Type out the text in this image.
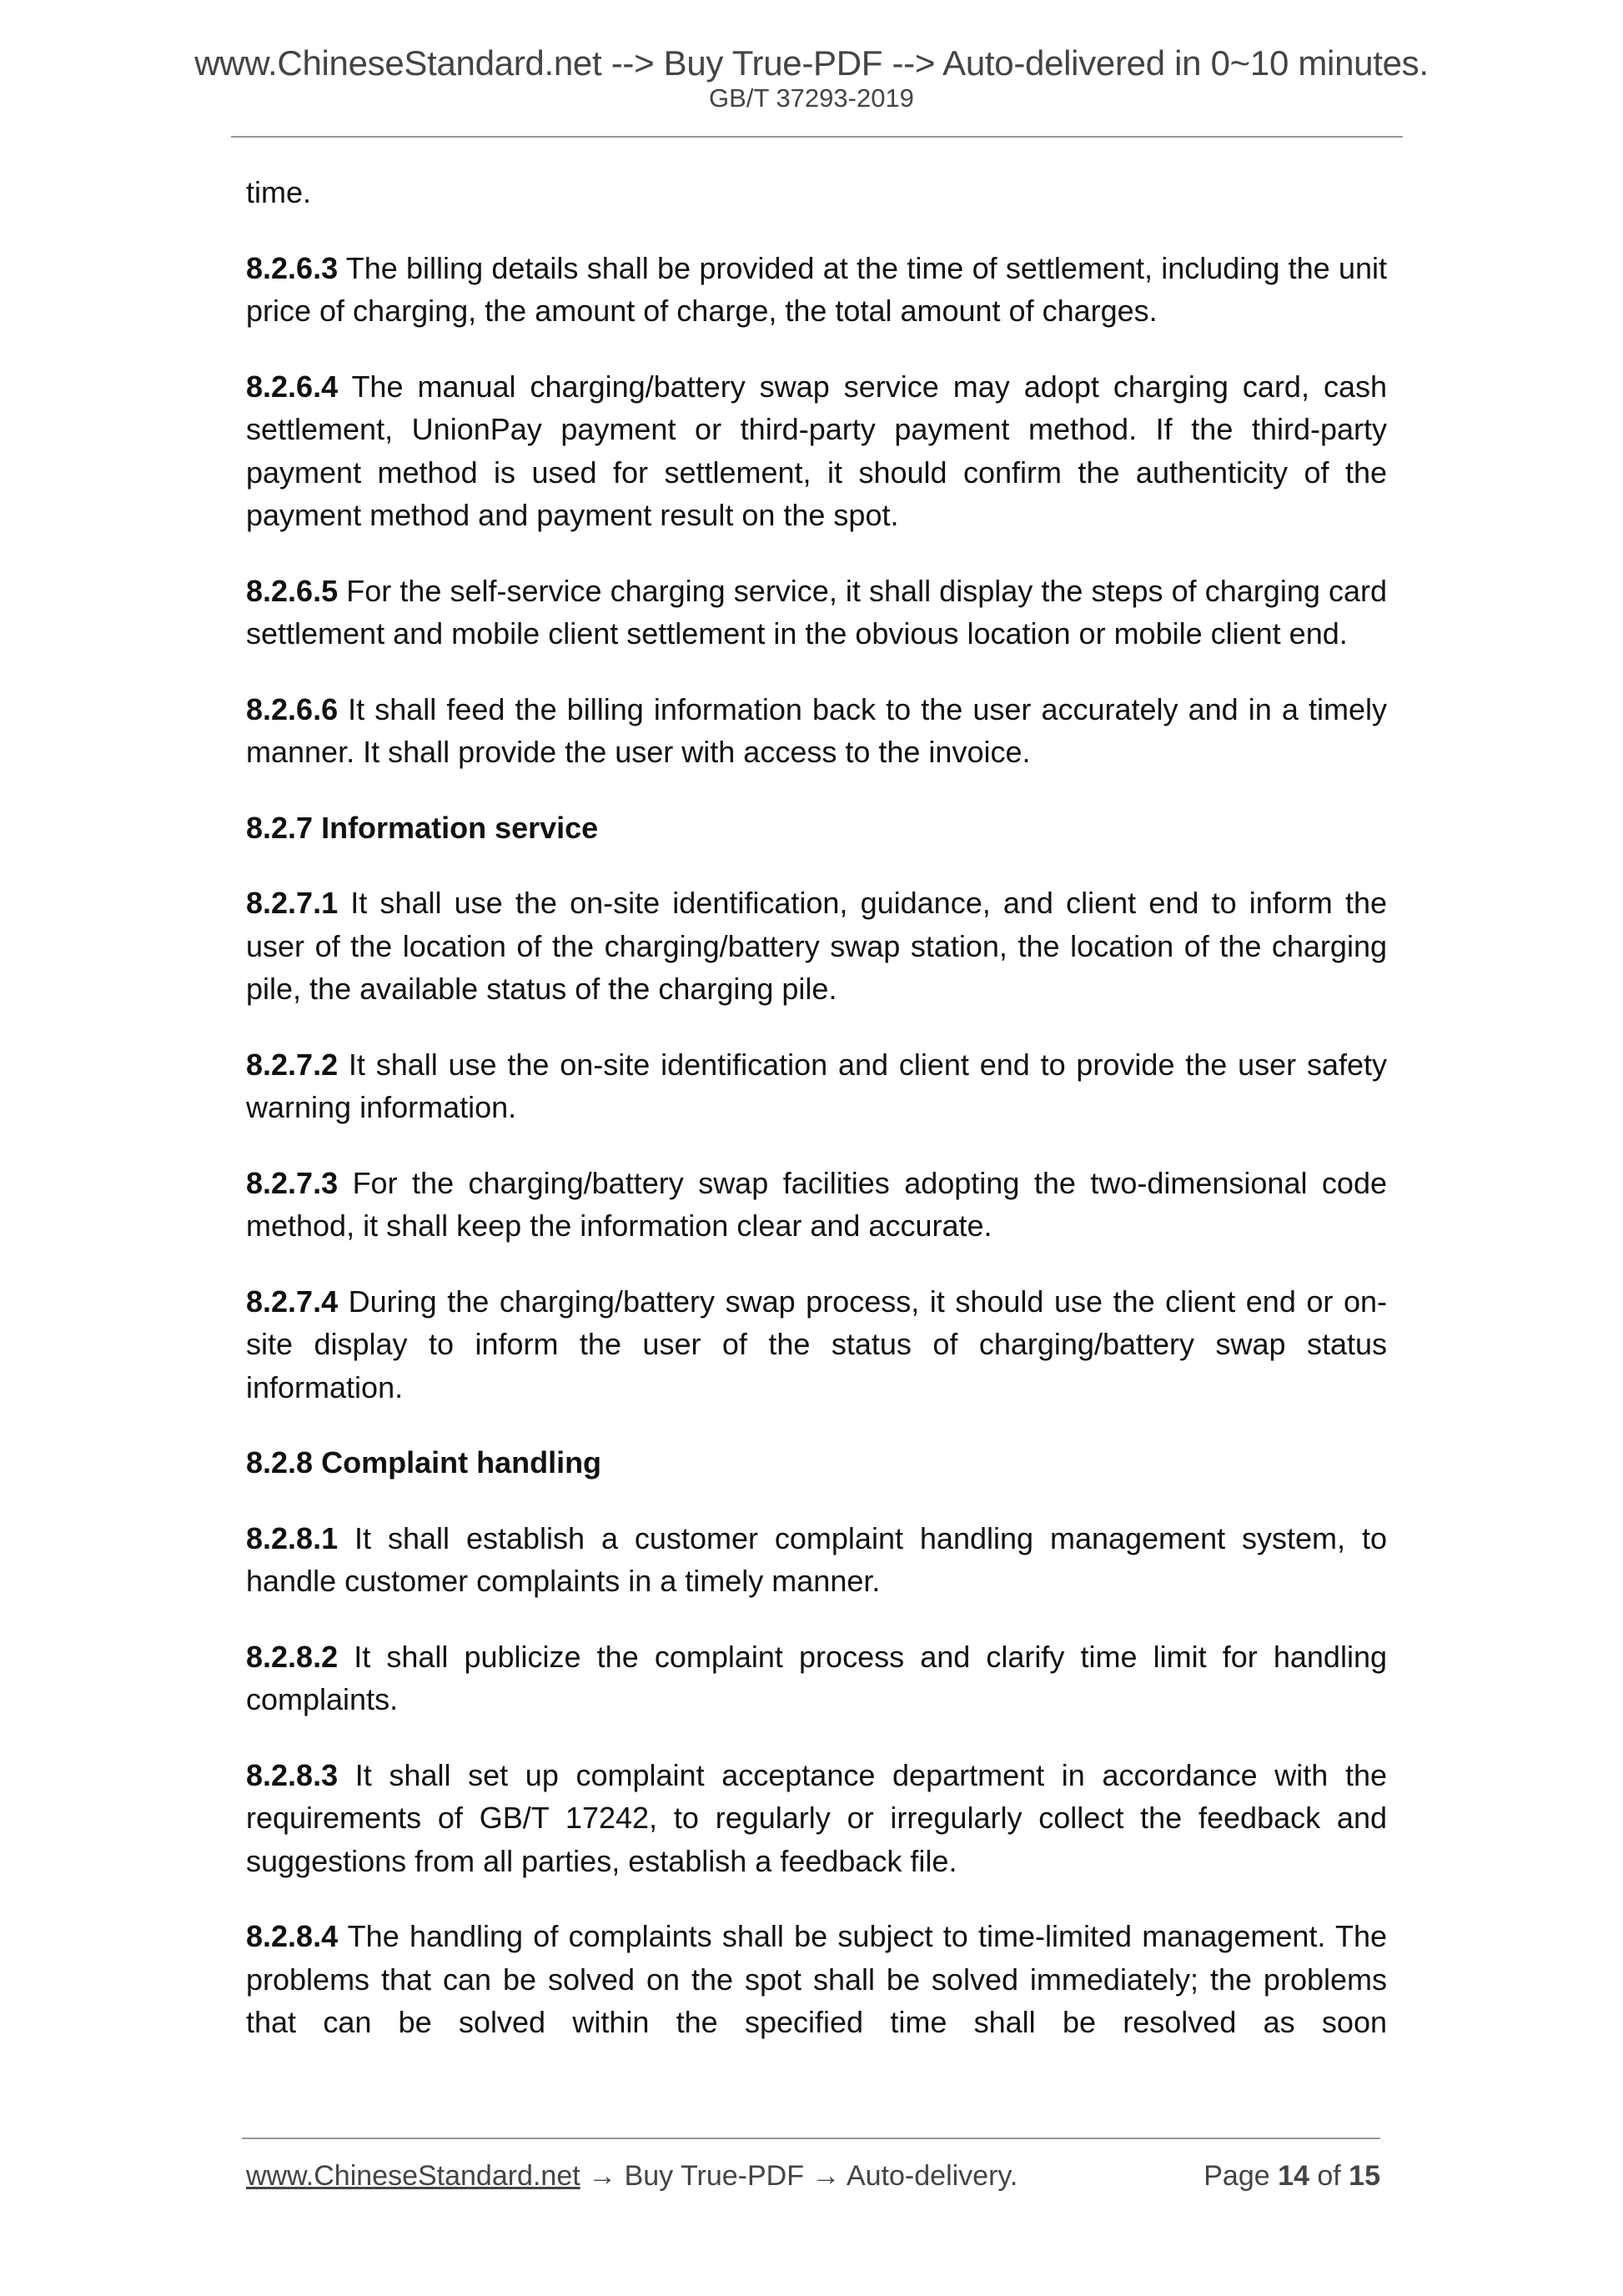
www.ChineseStandard.net --> Buy True-PDF --> Auto-delivered in 0~10 minutes.
GB/T 37293-2019

time.

8.2.6.3 The billing details shall be provided at the time of settlement, including the unit price of charging, the amount of charge, the total amount of charges.

8.2.6.4 The manual charging/battery swap service may adopt charging card, cash settlement, UnionPay payment or third-party payment method. If the third-party payment method is used for settlement, it should confirm the authenticity of the payment method and payment result on the spot.

8.2.6.5 For the self-service charging service, it shall display the steps of charging card settlement and mobile client settlement in the obvious location or mobile client end.

8.2.6.6 It shall feed the billing information back to the user accurately and in a timely manner. It shall provide the user with access to the invoice.

8.2.7 Information service

8.2.7.1 It shall use the on-site identification, guidance, and client end to inform the user of the location of the charging/battery swap station, the location of the charging pile, the available status of the charging pile.

8.2.7.2 It shall use the on-site identification and client end to provide the user safety warning information.

8.2.7.3 For the charging/battery swap facilities adopting the two-dimensional code method, it shall keep the information clear and accurate.

8.2.7.4 During the charging/battery swap process, it should use the client end or on-site display to inform the user of the status of charging/battery swap status information.

8.2.8 Complaint handling

8.2.8.1 It shall establish a customer complaint handling management system, to handle customer complaints in a timely manner.

8.2.8.2 It shall publicize the complaint process and clarify time limit for handling complaints.

8.2.8.3 It shall set up complaint acceptance department in accordance with the requirements of GB/T 17242, to regularly or irregularly collect the feedback and suggestions from all parties, establish a feedback file.

8.2.8.4 The handling of complaints shall be subject to time-limited management. The problems that can be solved on the spot shall be solved immediately; the problems that can be solved within the specified time shall be resolved as soon

www.ChineseStandard.net → Buy True-PDF → Auto-delivery.	Page 14 of 15
